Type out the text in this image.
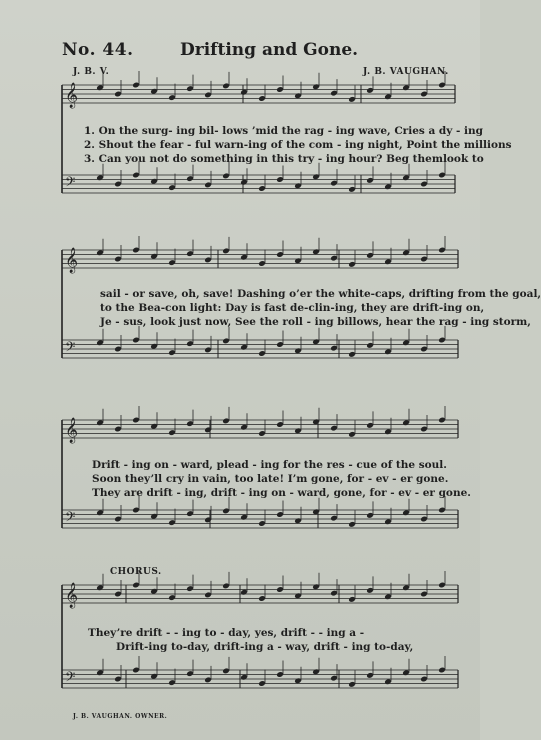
No. 44.	Drifting and Gone.
J. B. V.	J. B. VAUGHAN.
𝄞
𝄢
𝄞
𝄢
𝄞
𝄢
𝄞
𝄢
1. On the surg- ing bil- lows ’mid the rag - ing wave, Cries a dy - ing
2. Shout the fear - ful warn-ing of the com - ing night, Point the millions
3. Can you not do something in this try - ing hour? Beg themlook to
sail - or save, oh, save! Dashing o’er the white-caps, drifting from the goal,
to the Bea-con light: Day is fast de-clin-ing, they are drift-ing on,
Je - sus, look just now, See the roll - ing billows, hear the rag - ing storm,
Drift - ing on - ward, plead - ing for the res - cue of the soul.
Soon they’ll cry in vain, too late! I’m gone, for - ev - er gone.
They are drift - ing, drift - ing on - ward, gone, for - ev - er gone.
CHORUS.
They’re drift - - ing to - day, yes, drift - - ing a -
Drift-ing to-day, drift-ing a - way, drift - ing to-day,
J. B. VAUGHAN. OWNER.
